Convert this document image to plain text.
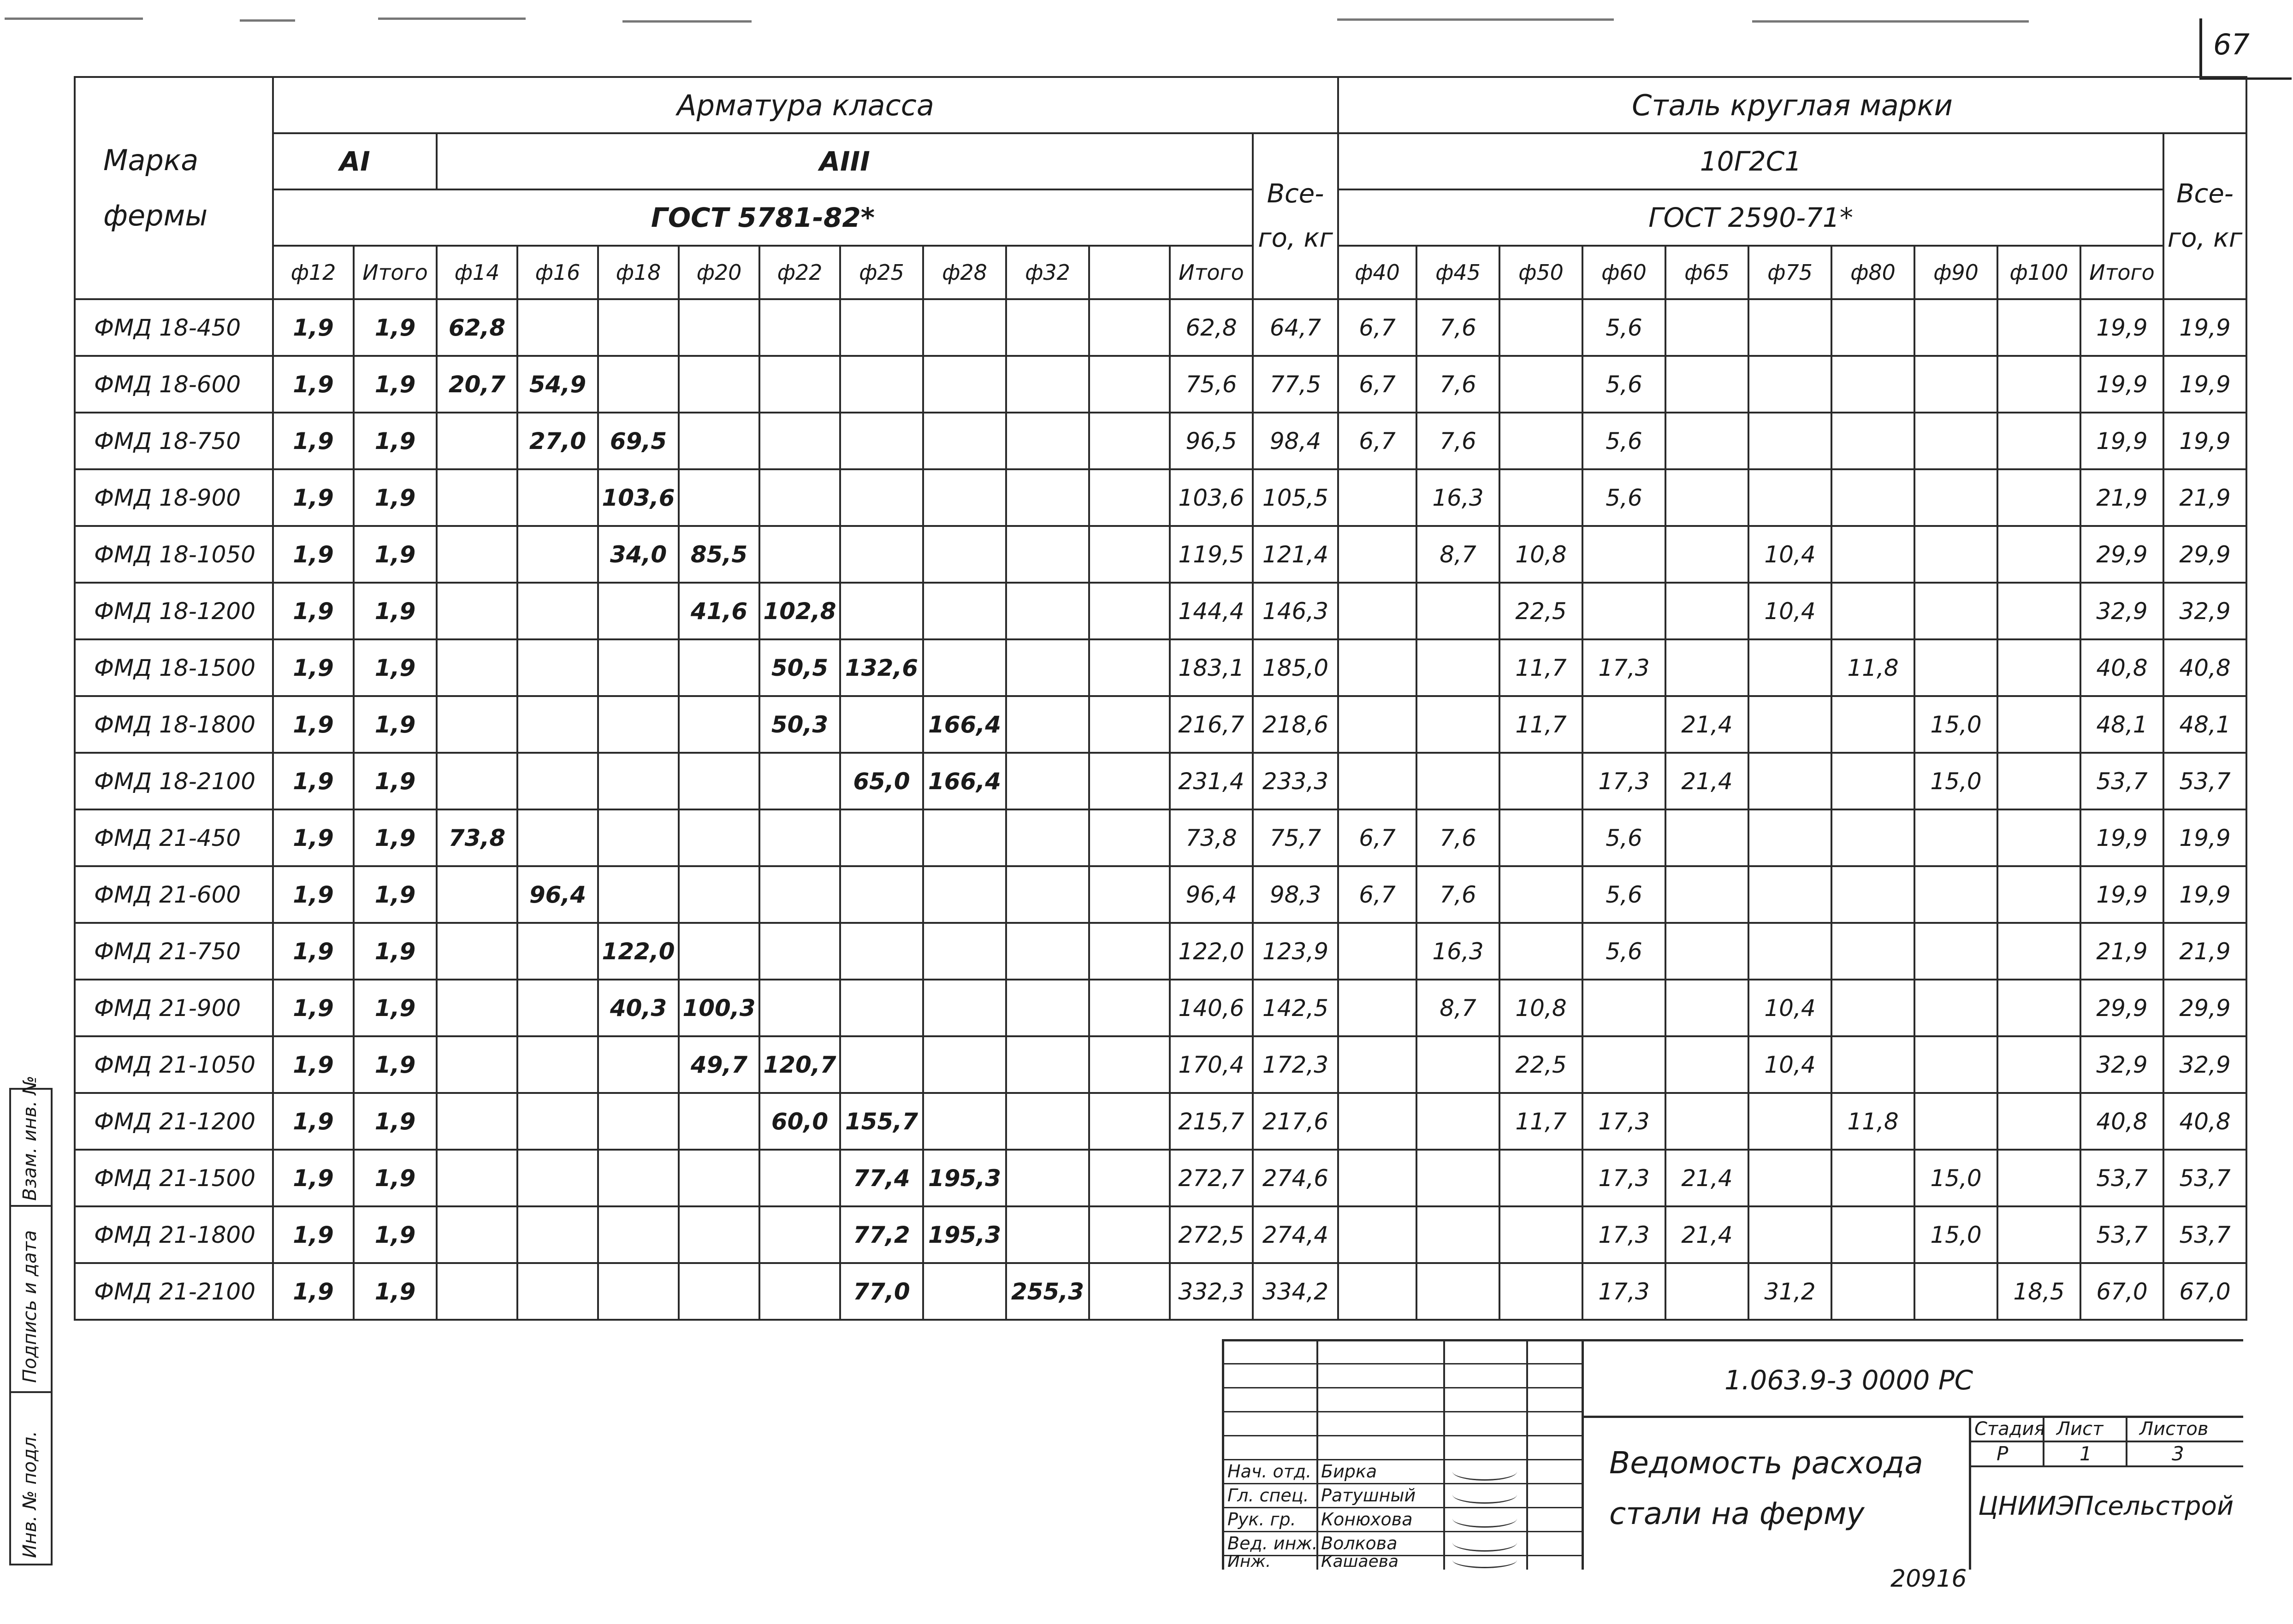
67
Марка фермы	Арматура класса													Сталь круглая марки										
	АI		АIII										Все-го, кг	10Г2С1										Все-го, кг
	ГОСТ 5781-82*													ГОСТ 2590-71*										
	ф12	Итого	ф14	ф16	ф18	ф20	ф22	ф25	ф28	ф32		Итого		ф40	ф45	ф50	ф60	ф65	ф75	ф80	ф90	ф100	Итого	
ФМД 18-450	1,9	1,9	62,8									62,8	64,7	6,7	7,6		5,6						19,9	19,9
ФМД 18-600	1,9	1,9	20,7	54,9								75,6	77,5	6,7	7,6		5,6						19,9	19,9
ФМД 18-750	1,9	1,9		27,0	69,5							96,5	98,4	6,7	7,6		5,6						19,9	19,9
ФМД 18-900	1,9	1,9			103,6							103,6	105,5		16,3		5,6						21,9	21,9
ФМД 18-1050	1,9	1,9			34,0	85,5						119,5	121,4		8,7	10,8			10,4				29,9	29,9
ФМД 18-1200	1,9	1,9				41,6	102,8					144,4	146,3			22,5			10,4				32,9	32,9
ФМД 18-1500	1,9	1,9					50,5	132,6				183,1	185,0			11,7	17,3			11,8			40,8	40,8
ФМД 18-1800	1,9	1,9					50,3		166,4			216,7	218,6			11,7		21,4			15,0		48,1	48,1
ФМД 18-2100	1,9	1,9						65,0	166,4			231,4	233,3				17,3	21,4			15,0		53,7	53,7
ФМД 21-450	1,9	1,9	73,8									73,8	75,7	6,7	7,6		5,6						19,9	19,9
ФМД 21-600	1,9	1,9		96,4								96,4	98,3	6,7	7,6		5,6						19,9	19,9
ФМД 21-750	1,9	1,9			122,0							122,0	123,9		16,3		5,6						21,9	21,9
ФМД 21-900	1,9	1,9			40,3	100,3						140,6	142,5		8,7	10,8			10,4				29,9	29,9
ФМД 21-1050	1,9	1,9				49,7	120,7					170,4	172,3			22,5			10,4				32,9	32,9
ФМД 21-1200	1,9	1,9					60,0	155,7				215,7	217,6			11,7	17,3			11,8			40,8	40,8
ФМД 21-1500	1,9	1,9						77,4	195,3			272,7	274,6				17,3	21,4			15,0		53,7	53,7
ФМД 21-1800	1,9	1,9						77,2	195,3			272,5	274,4				17,3	21,4			15,0		53,7	53,7
ФМД 21-2100	1,9	1,9						77,0		255,3		332,3	334,2				17,3		31,2			18,5	67,0	67,0
Взам. инв. №
Подпись и дата
Инв. № подл.
1.063.9-3 0000 РС
Ведомость расхода
стали на ферму
Стадия Лист Листов
Р	1	3
ЦНИИЭПсельстрой
Нач. отд. Бирка
Гл. спец. Ратушный
Рук. гр. Конюхова
Вед. инж. Волкова
Инж.	Кашаева
20916
